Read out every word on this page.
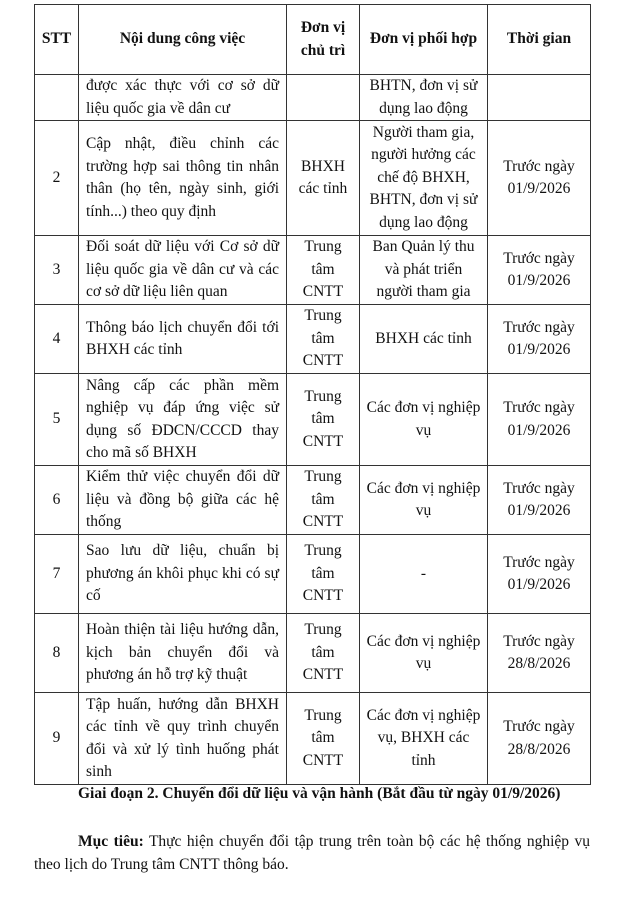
STT	Nội dung công việc	Đơn vị chủ trì	Đơn vị phối hợp	Thời gian
	được xác thực với cơ sở dữ liệu quốc gia về dân cư		BHTN, đơn vị sử dụng lao động	
2	Cập nhật, điều chỉnh các trường hợp sai thông tin nhân thân (họ tên, ngày sinh, giới tính...) theo quy định	BHXH các tỉnh	Người tham gia, người hưởng các chế độ BHXH, BHTN, đơn vị sử dụng lao động	Trước ngày 01/9/2026
3	Đối soát dữ liệu với Cơ sở dữ liệu quốc gia về dân cư và các cơ sở dữ liệu liên quan	Trung tâm CNTT	Ban Quản lý thu và phát triển người tham gia	Trước ngày 01/9/2026
4	Thông báo lịch chuyển đổi tới BHXH các tỉnh	Trung tâm CNTT	BHXH các tỉnh	Trước ngày 01/9/2026
5	Nâng cấp các phần mềm nghiệp vụ đáp ứng việc sử dụng số ĐDCN/CCCD thay cho mã số BHXH	Trung tâm CNTT	Các đơn vị nghiệp vụ	Trước ngày 01/9/2026
6	Kiểm thử việc chuyển đổi dữ liệu và đồng bộ giữa các hệ thống	Trung tâm CNTT	Các đơn vị nghiệp vụ	Trước ngày 01/9/2026
7	Sao lưu dữ liệu, chuẩn bị phương án khôi phục khi có sự cố	Trung tâm CNTT	-	Trước ngày 01/9/2026
8	Hoàn thiện tài liệu hướng dẫn, kịch bản chuyển đổi và phương án hỗ trợ kỹ thuật	Trung tâm CNTT	Các đơn vị nghiệp vụ	Trước ngày 28/8/2026
9	Tập huấn, hướng dẫn BHXH các tỉnh về quy trình chuyển đổi và xử lý tình huống phát sinh	Trung tâm CNTT	Các đơn vị nghiệp vụ, BHXH các tỉnh	Trước ngày 28/8/2026
Giai đoạn 2. Chuyển đổi dữ liệu và vận hành (Bắt đầu từ ngày 01/9/2026)
Mục tiêu: Thực hiện chuyển đổi tập trung trên toàn bộ các hệ thống nghiệp vụ theo lịch do Trung tâm CNTT thông báo.
